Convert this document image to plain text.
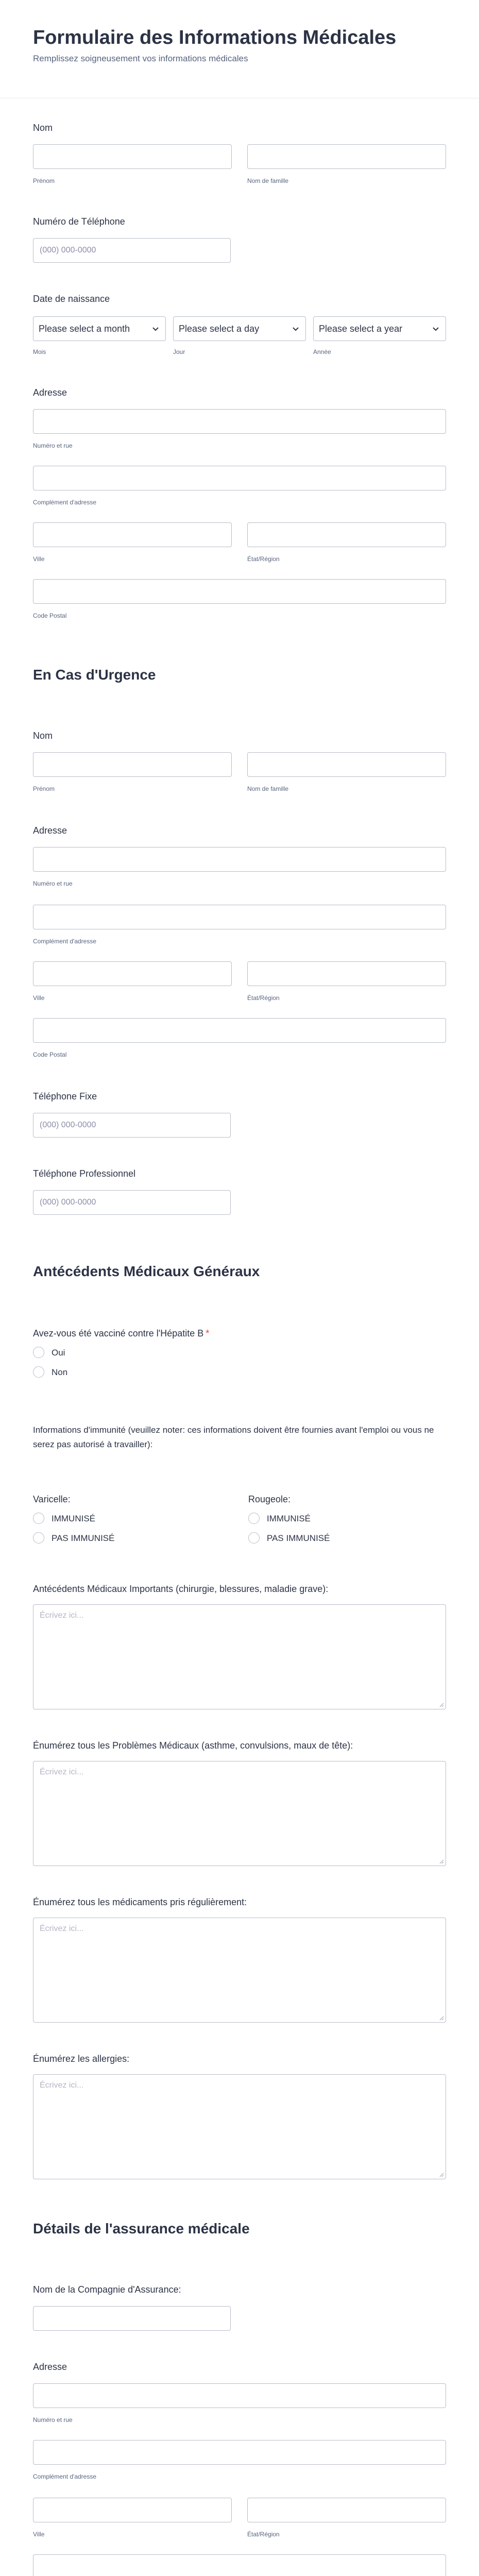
Formulaire des Informations Médicales
Remplissez soigneusement vos informations médicales
Nom
Prénom	Nom de famille
Numéro de Téléphone
(000) 000-0000
Date de naissance
Please select a month	Please select a day	Please select a year
Mois	Jour	Année
Adresse
Numéro et rue
Complément d'adresse
Ville	État/Région
Code Postal
En Cas d'Urgence
Nom
Prénom	Nom de famille
Adresse
Numéro et rue
Complément d'adresse
Ville	État/Région
Code Postal
Téléphone Fixe
(000) 000-0000
Téléphone Professionnel
(000) 000-0000
Antécédents Médicaux Généraux
Avez-vous été vacciné contre l'Hépatite B *
Oui
Non
Informations d'immunité (veuillez noter: ces informations doivent être fournies avant l'emploi ou vous ne serez pas autorisé à travailler):
Varicelle:
IMMUNISÉ
PAS IMMUNISÉ
Rougeole:
IMMUNISÉ
PAS IMMUNISÉ
Antécédents Médicaux Importants (chirurgie, blessures, maladie grave):
Écrivez ici...
Énumérez tous les Problèmes Médicaux (asthme, convulsions, maux de tête):
Écrivez ici...
Énumérez tous les médicaments pris régulièrement:
Écrivez ici...
Énumérez les allergies:
Écrivez ici...
Détails de l'assurance médicale
Nom de la Compagnie d'Assurance:
Adresse
Numéro et rue
Complément d'adresse
Ville	État/Région
